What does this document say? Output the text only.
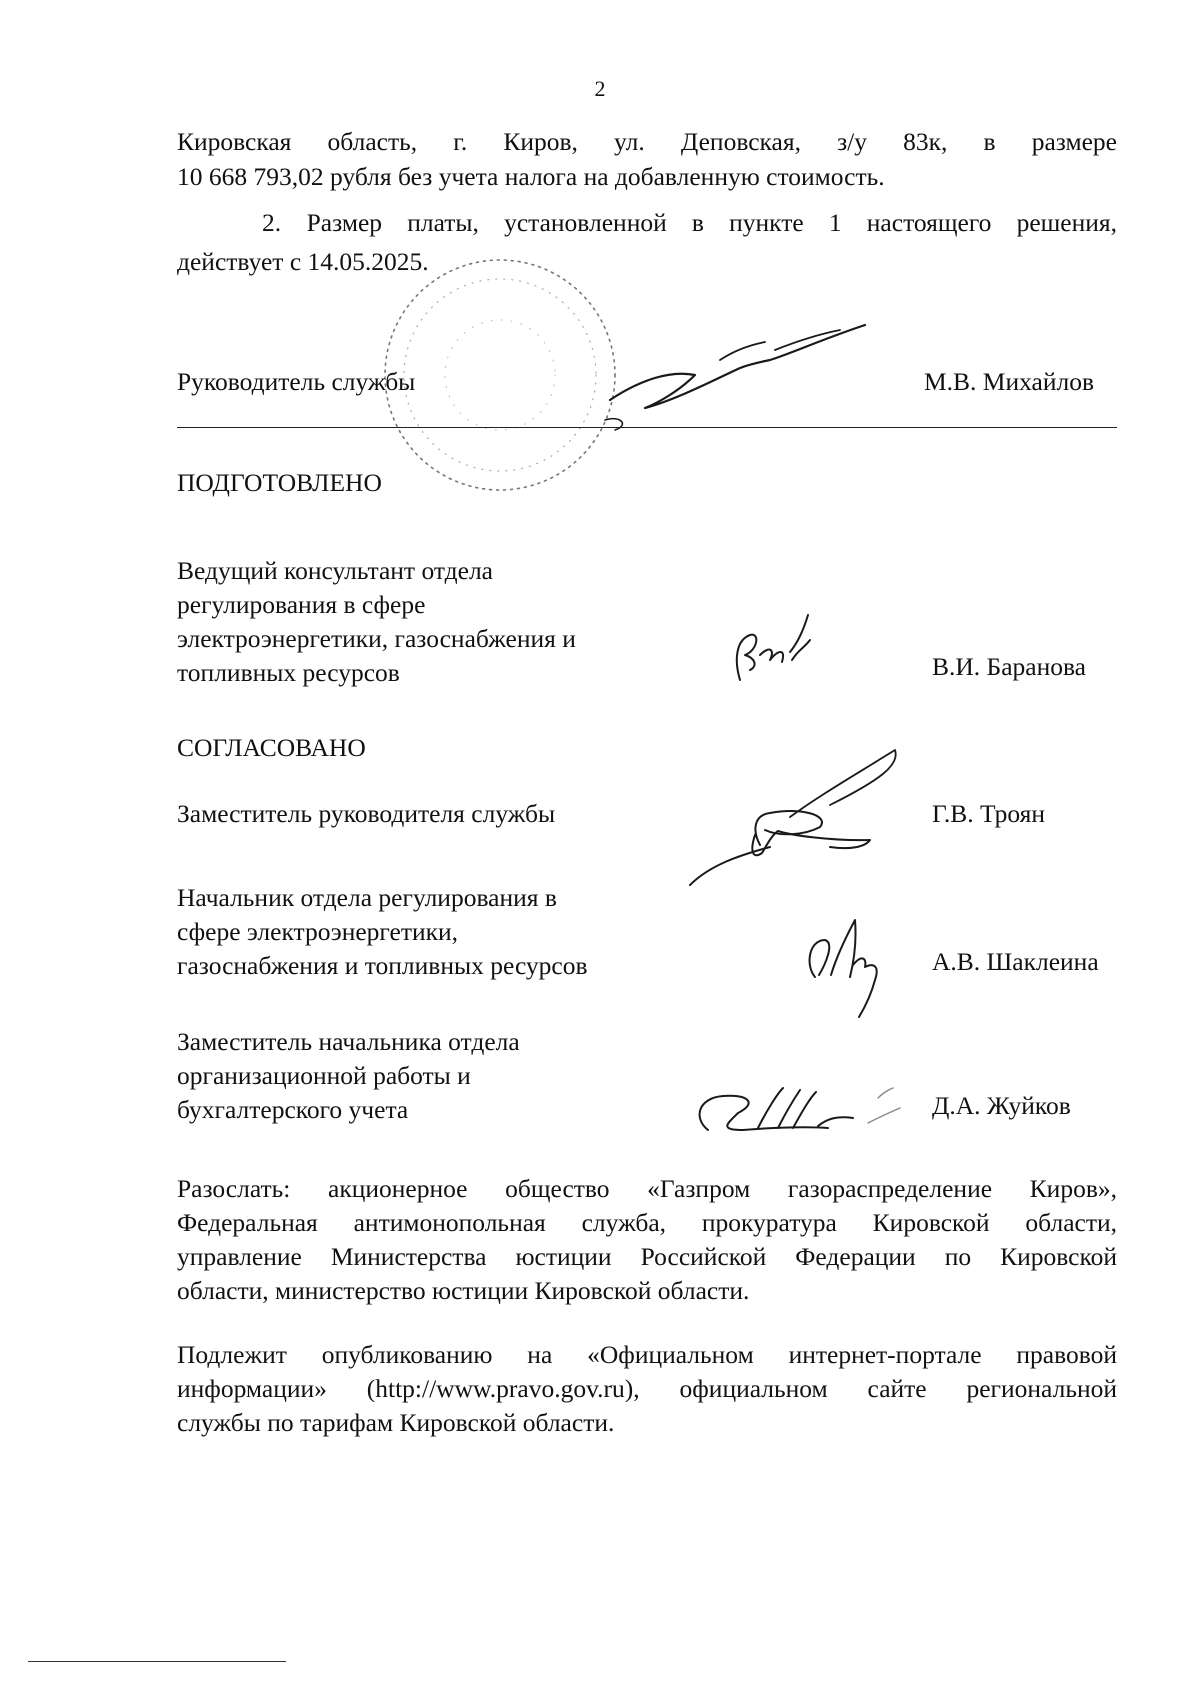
2
Кировская область, г. Киров, ул. Деповская, з/у 83к, в размере
10 668 793,02 рубля без учета налога на добавленную стоимость.
2. Размер платы, установленной в пункте 1 настоящего решения,
действует с 14.05.2025.
Руководитель службы	М.В. Михайлов
ПОДГОТОВЛЕНО
Ведущий консультант отдела
регулирования в сфере
электроэнергетики, газоснабжения и
топливных ресурсов	В.И. Баранова
СОГЛАСОВАНО
Заместитель руководителя службы	Г.В. Троян
Начальник отдела регулирования в
сфере электроэнергетики,
газоснабжения и топливных ресурсов	А.В. Шаклеина
Заместитель начальника отдела
организационной работы и
бухгалтерского учета	Д.А. Жуйков
Разослать: акционерное общество «Газпром газораспределение Киров»,
Федеральная антимонопольная служба, прокуратура Кировской области,
управление Министерства юстиции Российской Федерации по Кировской
области, министерство юстиции Кировской области.
Подлежит опубликованию на «Официальном интернет-портале правовой
информации» (http://www.pravo.gov.ru), официальном сайте региональной
службы по тарифам Кировской области.
